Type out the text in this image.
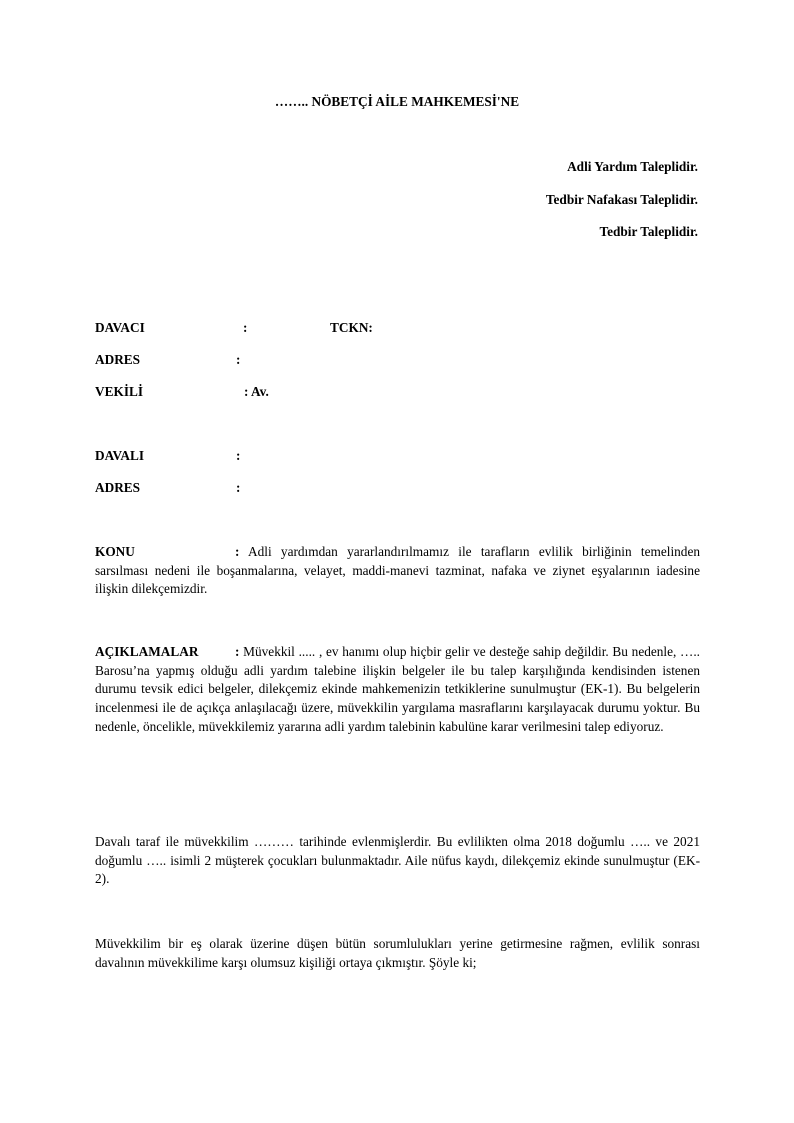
…….. NÖBETÇİ AİLE MAHKEMESİ'NE
Adli Yardım Taleplidir.
Tedbir Nafakası Taleplidir.
Tedbir Taleplidir.
DAVACI	:	TCKN:
ADRES	:
VEKİLİ	: Av.
DAVALI	:
ADRES	:
KONU	: Adli yardımdan yararlandırılmamız ile tarafların evlilik birliğinin temelinden sarsılması nedeni ile boşanmalarına, velayet, maddi-manevi tazminat, nafaka ve ziynet eşyalarının iadesine ilişkin dilekçemizdir.
AÇIKLAMALAR	: Müvekkil ..... , ev hanımı olup hiçbir gelir ve desteğe sahip değildir. Bu nedenle, ….. Barosu’na yapmış olduğu adli yardım talebine ilişkin belgeler ile bu talep karşılığında kendisinden istenen durumu tevsik edici belgeler, dilekçemiz ekinde mahkemenizin tetkiklerine sunulmuştur (EK-1). Bu belgelerin incelenmesi ile de açıkça anlaşılacağı üzere, müvekkilin yargılama masraflarını karşılayacak durumu yoktur. Bu nedenle, öncelikle, müvekkilemiz yararına adli yardım talebinin kabulüne karar verilmesini talep ediyoruz.
Davalı taraf ile müvekkilim ……… tarihinde evlenmişlerdir. Bu evlilikten olma 2018 doğumlu ….. ve 2021 doğumlu ….. isimli 2 müşterek çocukları bulunmaktadır. Aile nüfus kaydı, dilekçemiz ekinde sunulmuştur (EK-2).
Müvekkilim bir eş olarak üzerine düşen bütün sorumlulukları yerine getirmesine rağmen, evlilik sonrası davalının müvekkilime karşı olumsuz kişiliği ortaya çıkmıştır. Şöyle ki;
